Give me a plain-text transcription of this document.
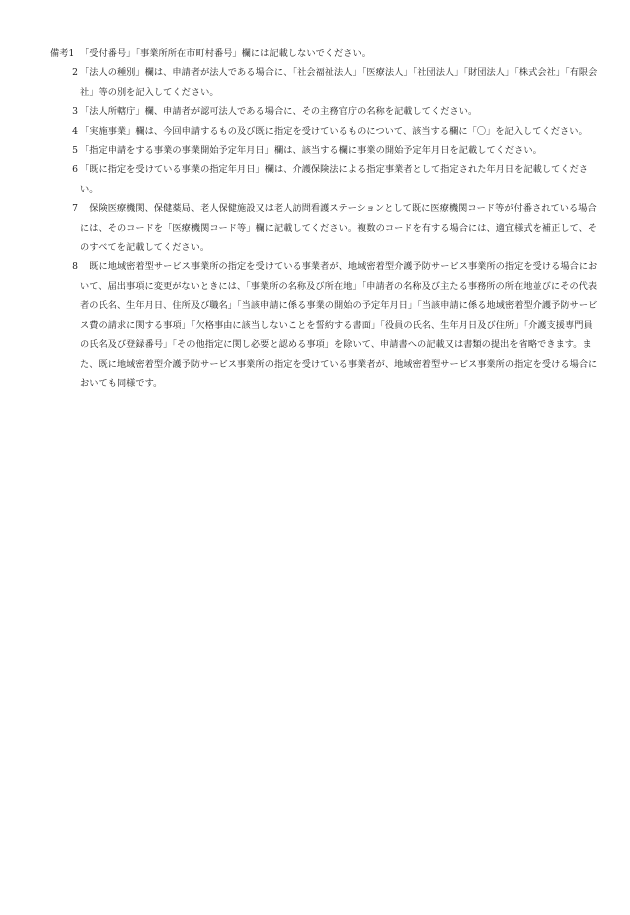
備考1 「受付番号」「事業所所在市町村番号」欄には記載しないでください。
2 「法人の種別」欄は、申請者が法人である場合に、「社会福祉法人」「医療法人」「社団法人」「財団法人」「株式会社」「有限会社」等の別を記入してください。
3 「法人所轄庁」欄、申請者が認可法人である場合に、その主務官庁の名称を記載してください。
4 「実施事業」欄は、今回申請するもの及び既に指定を受けているものについて、該当する欄に「〇」を記入してください。
5 「指定申請をする事業の事業開始予定年月日」欄は、該当する欄に事業の開始予定年月日を記載してください。
6 「既に指定を受けている事業の指定年月日」欄は、介護保険法による指定事業者として指定された年月日を記載してください。
7 　保険医療機関、保健薬局、老人保健施設又は老人訪問看護ステーションとして既に医療機関コード等が付番されている場合には、そのコードを「医療機関コード等」欄に記載してください。複数のコードを有する場合には、適宜様式を補正して、そのすべてを記載してください。
8 　既に地域密着型サービス事業所の指定を受けている事業者が、地域密着型介護予防サービス事業所の指定を受ける場合において、届出事項に変更がないときには、「事業所の名称及び所在地」「申請者の名称及び主たる事務所の所在地並びにその代表者の氏名、生年月日、住所及び職名」「当該申請に係る事業の開始の予定年月日」「当該申請に係る地域密着型介護予防サービス費の請求に関する事項」「欠格事由に該当しないことを誓約する書面」「役員の氏名、生年月日及び住所」「介護支援専門員の氏名及び登録番号」「その他指定に関し必要と認める事項」を除いて、申請書への記載又は書類の提出を省略できます。また、既に地域密着型介護予防サービス事業所の指定を受けている事業者が、地域密着型サービス事業所の指定を受ける場合においても同様です。
